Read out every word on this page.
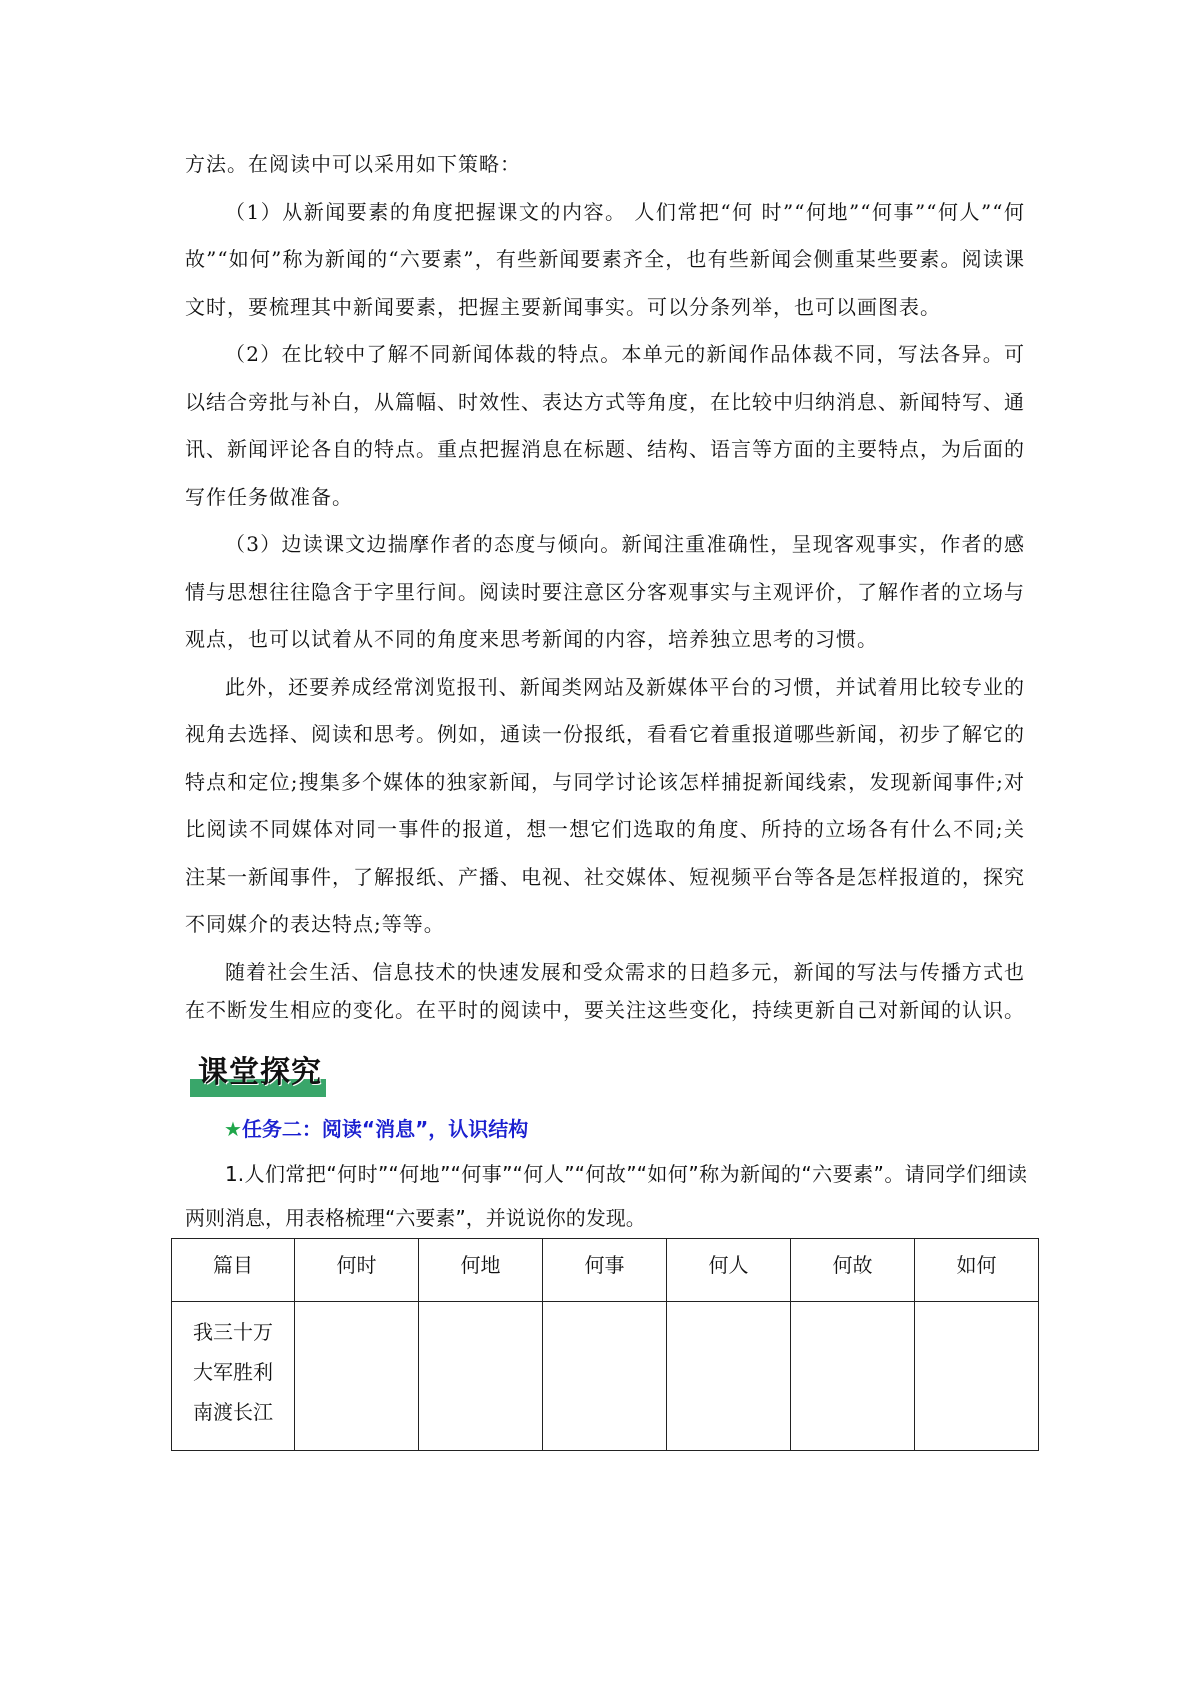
方法。在阅读中可以采用如下策略：

（1）从新闻要素的角度把握课文的内容。 人们常把“何 时”“何地”“何事”“何人”“何故”“如何”称为新闻的“六要素”，有些新闻要素齐全，也有些新闻会侧重某些要素。阅读课文时，要梳理其中新闻要素，把握主要新闻事实。可以分条列举，也可以画图表。

（2）在比较中了解不同新闻体裁的特点。本单元的新闻作品体裁不同，写法各异。可以结合旁批与补白，从篇幅、时效性、表达方式等角度，在比较中归纳消息、新闻特写、通讯、新闻评论各自的特点。重点把握消息在标题、结构、语言等方面的主要特点，为后面的写作任务做准备。

（3）边读课文边揣摩作者的态度与倾向。新闻注重准确性，呈现客观事实，作者的感情与思想往往隐含于字里行间。阅读时要注意区分客观事实与主观评价，了解作者的立场与观点，也可以试着从不同的角度来思考新闻的内容，培养独立思考的习惯。

此外，还要养成经常浏览报刊、新闻类网站及新媒体平台的习惯，并试着用比较专业的视角去选择、阅读和思考。例如，通读一份报纸，看看它着重报道哪些新闻，初步了解它的特点和定位;搜集多个媒体的独家新闻，与同学讨论该怎样捕捉新闻线索，发现新闻事件;对比阅读不同媒体对同一事件的报道，想一想它们选取的角度、所持的立场各有什么不同;关注某一新闻事件，了解报纸、产播、电视、社交媒体、短视频平台等各是怎样报道的，探究不同媒介的表达特点;等等。

随着社会生活、信息技术的快速发展和受众需求的日趋多元，新闻的写法与传播方式也在不断发生相应的变化。在平时的阅读中，要关注这些变化，持续更新自己对新闻的认识。

课堂探究
★任务二：阅读“消息”，认识结构

1.人们常把“何时”“何地”“何事”“何人”“何故”“如何”称为新闻的“六要素”。请同学们细读两则消息，用表格梳理“六要素”，并说说你的发现。

篇目	何时	何地	何事	何人	何故	如何
我三十万大军胜利南渡长江						
